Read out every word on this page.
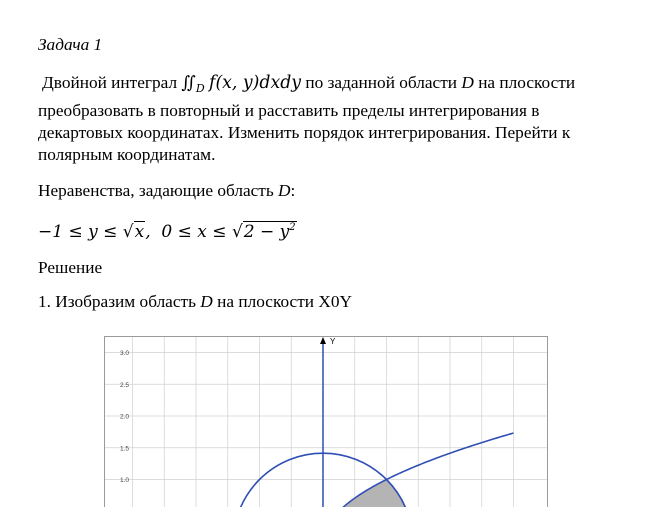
Задача 1
Двойной интеграл $∬_D$ f(x, y)dxdy по заданной области D на плоскости
преобразовать в повторный и расставить пределы интегрирования в
декартовых координатах. Изменить порядок интегрирования. Перейти к
полярным координатам.
Неравенства, задающие область D:
−1 ≤ y ≤ √x,  $0 \le x \le √2 - y^2$
Решение
1. Изобразим область D на плоскости X0Y
Y
3.0
2.5
2.0
1.5
1.0
